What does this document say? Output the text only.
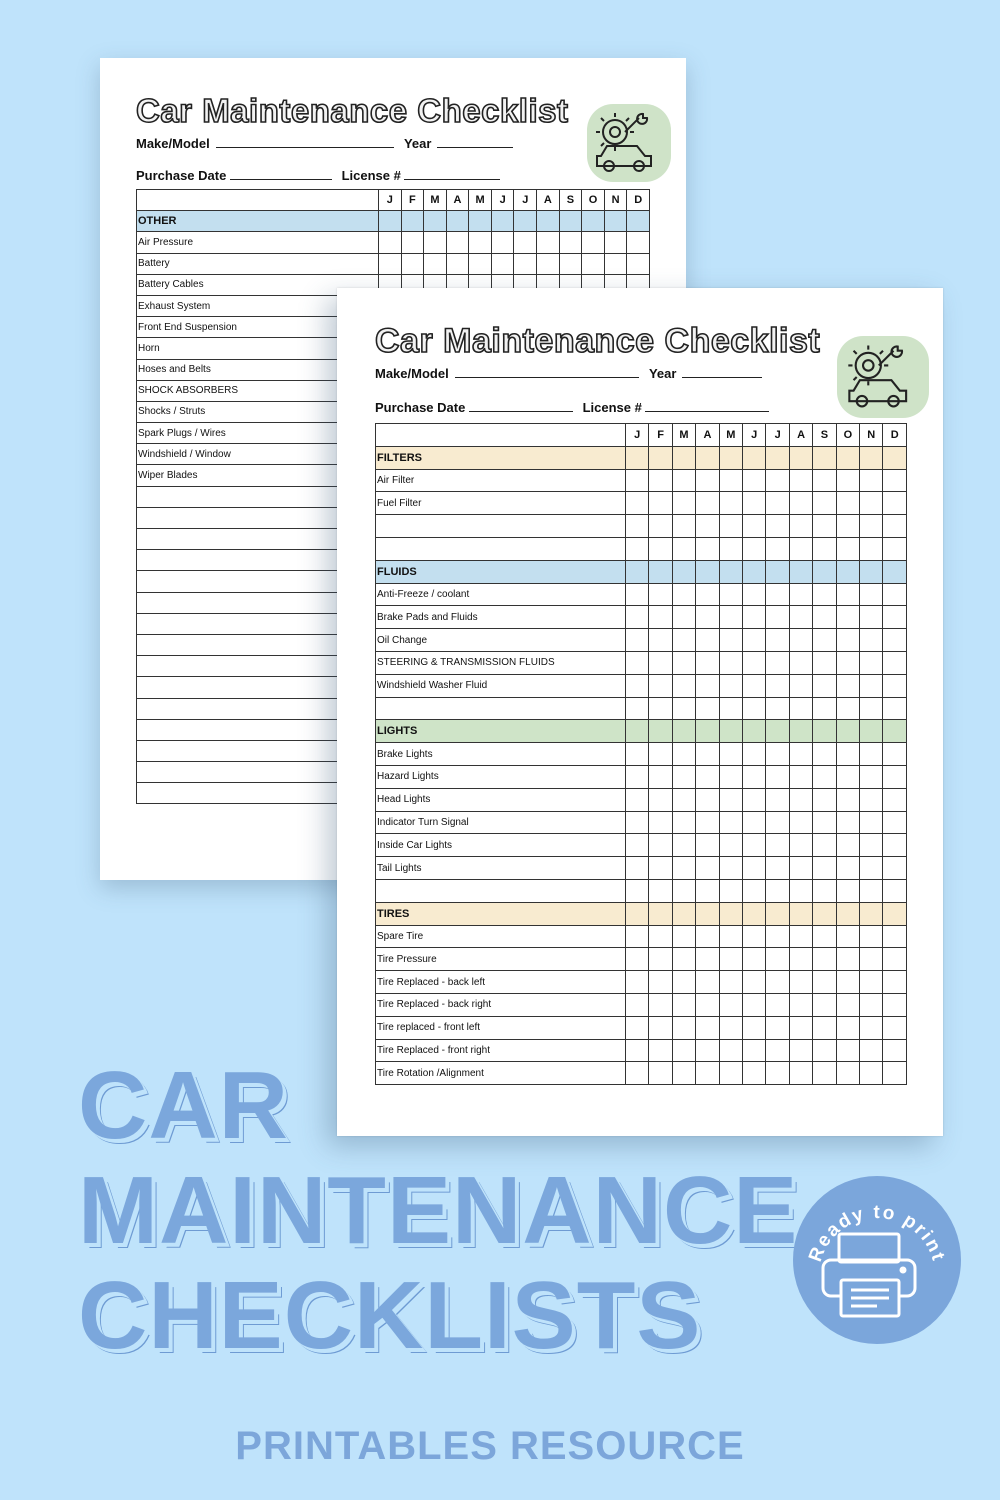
Car Maintenance Checklist
Make/Model	Year
Purchase Date	License #
	J	F	M	A	M	J	J	A	S	O	N	D
OTHER												
Air Pressure												
Battery												
Battery Cables												
Exhaust System												
Front End Suspension												
Horn												
Hoses and Belts												
SHOCK ABSORBERS												
Shocks / Struts												
Spark Plugs / Wires												
Windshield / Window												
Wiper Blades												

Car Maintenance Checklist
Make/Model	Year
Purchase Date	License #
	J	F	M	A	M	J	J	A	S	O	N	D
FILTERS												
Air Filter												
Fuel Filter												

FLUIDS												
Anti-Freeze / coolant												
Brake Pads and Fluids												
Oil Change												
STEERING & TRANSMISSION FLUIDS												
Windshield Washer Fluid												

LIGHTS												
Brake Lights												
Hazard Lights												
Head Lights												
Indicator Turn Signal												
Inside Car Lights												
Tail Lights												

TIRES												
Spare Tire												
Tire Pressure												
Tire Replaced - back left												
Tire Replaced - back right												
Tire replaced - front left												
Tire Replaced - front right												
Tire Rotation /Alignment												
CAR
MAINTENANCE
CHECKLISTS
Ready to print
PRINTABLES RESOURCE
